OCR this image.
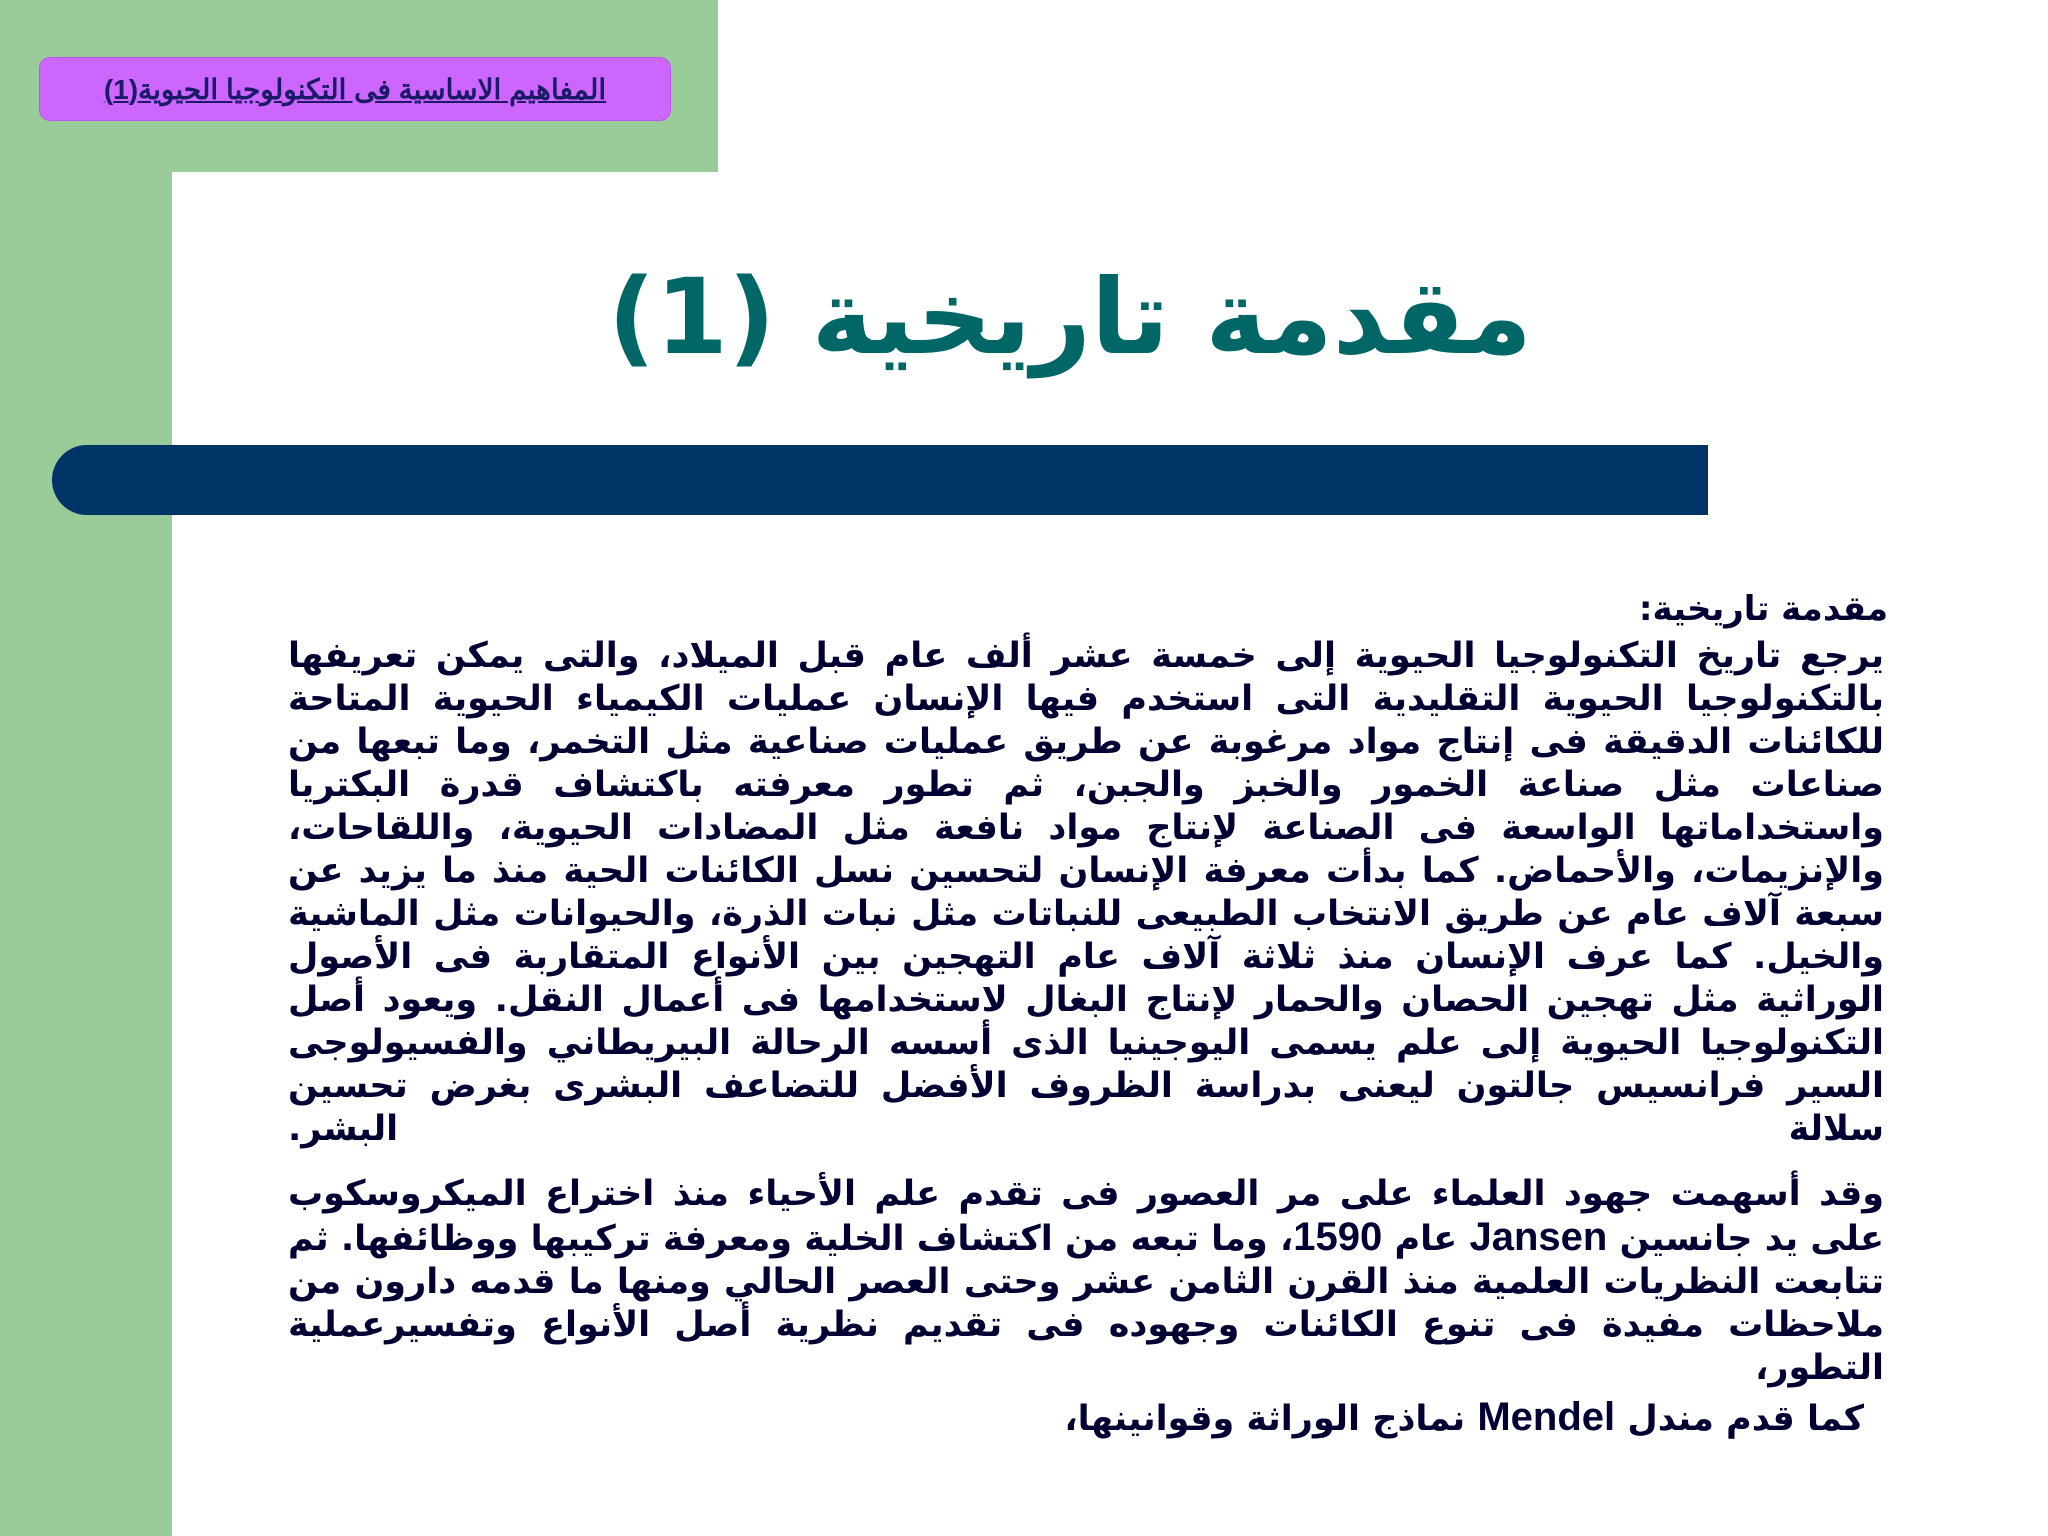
المفاهيم الاساسية فى التكنولوجيا الحيوية(1)
مقدمة تاريخية (1)
مقدمة تاريخية:

يرجع تاريخ التكنولوجيا الحيوية إلى خمسة عشر ألف عام قبل الميلاد، والتى يمكن تعريفها بالتكنولوجيا الحيوية التقليدية التى استخدم فيها الإنسان عمليات الكيمياء الحيوية المتاحة للكائنات الدقيقة فى إنتاج مواد مرغوبة عن طريق عمليات صناعية مثل التخمر، وما تبعها من صناعات مثل صناعة الخمور والخبز والجبن، ثم تطور معرفته باكتشاف قدرة البكتريا واستخداماتها الواسعة فى الصناعة لإنتاج مواد نافعة مثل المضادات الحيوية، واللقاحات، والإنزيمات، والأحماض. كما بدأت معرفة الإنسان لتحسين نسل الكائنات الحية منذ ما يزيد عن سبعة آلاف عام عن طريق الانتخاب الطبيعى للنباتات مثل نبات الذرة، والحيوانات مثل الماشية والخيل. كما عرف الإنسان منذ ثلاثة آلاف عام التهجين بين الأنواع المتقاربة فى الأصول الوراثية مثل تهجين الحصان والحمار لإنتاج البغال لاستخدامها فى أعمال النقل. ويعود أصل التكنولوجيا الحيوية إلى علم يسمى اليوجينيا الذى أسسه الرحالة البيريطاني والفسيولوجى السير فرانسيس جالتون ليعنى بدراسة الظروف الأفضل للتضاعف البشرى بغرض تحسين سلالة البشر.

وقد أسهمت جهود العلماء على مر العصور فى تقدم علم الأحياء منذ اختراع الميكروسكوب على يد جانسين Jansen عام 1590، وما تبعه من اكتشاف الخلية ومعرفة تركيبها ووظائفها. ثم تتابعت النظريات العلمية منذ القرن الثامن عشر وحتى العصر الحالي ومنها ما قدمه دارون من ملاحظات مفيدة فى تنوع الكائنات وجهوده فى تقديم نظرية أصل الأنواع وتفسيرعملية التطور،

كما قدم مندل Mendel نماذج الوراثة وقوانينها،
